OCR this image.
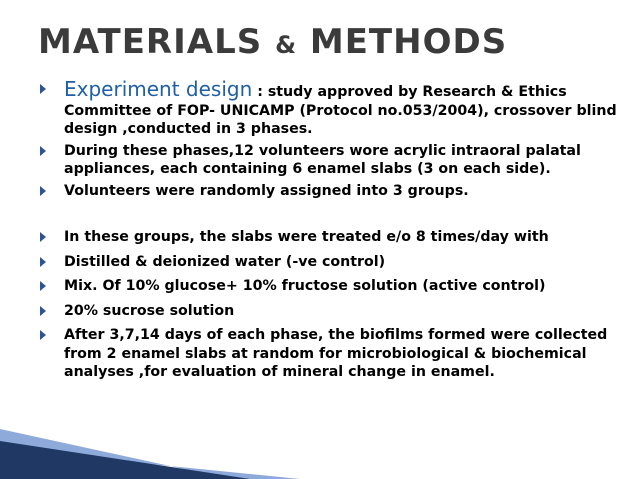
MATERIALS & METHODS
Experiment design : study approved by Research & Ethics Committee of FOP- UNICAMP (Protocol no.053/2004), crossover blind design ,conducted in 3 phases.
During these phases,12 volunteers wore acrylic intraoral palatal appliances, each containing 6 enamel slabs (3 on each side).
Volunteers were randomly assigned into 3 groups.
In these groups, the slabs were treated e/o 8 times/day with
Distilled & deionized water (-ve control)
Mix. Of 10% glucose+ 10% fructose solution (active control)
20% sucrose solution
After 3,7,14 days of each phase, the biofilms formed were collected from 2 enamel slabs at random for microbiological & biochemical analyses ,for evaluation of mineral change in enamel.
